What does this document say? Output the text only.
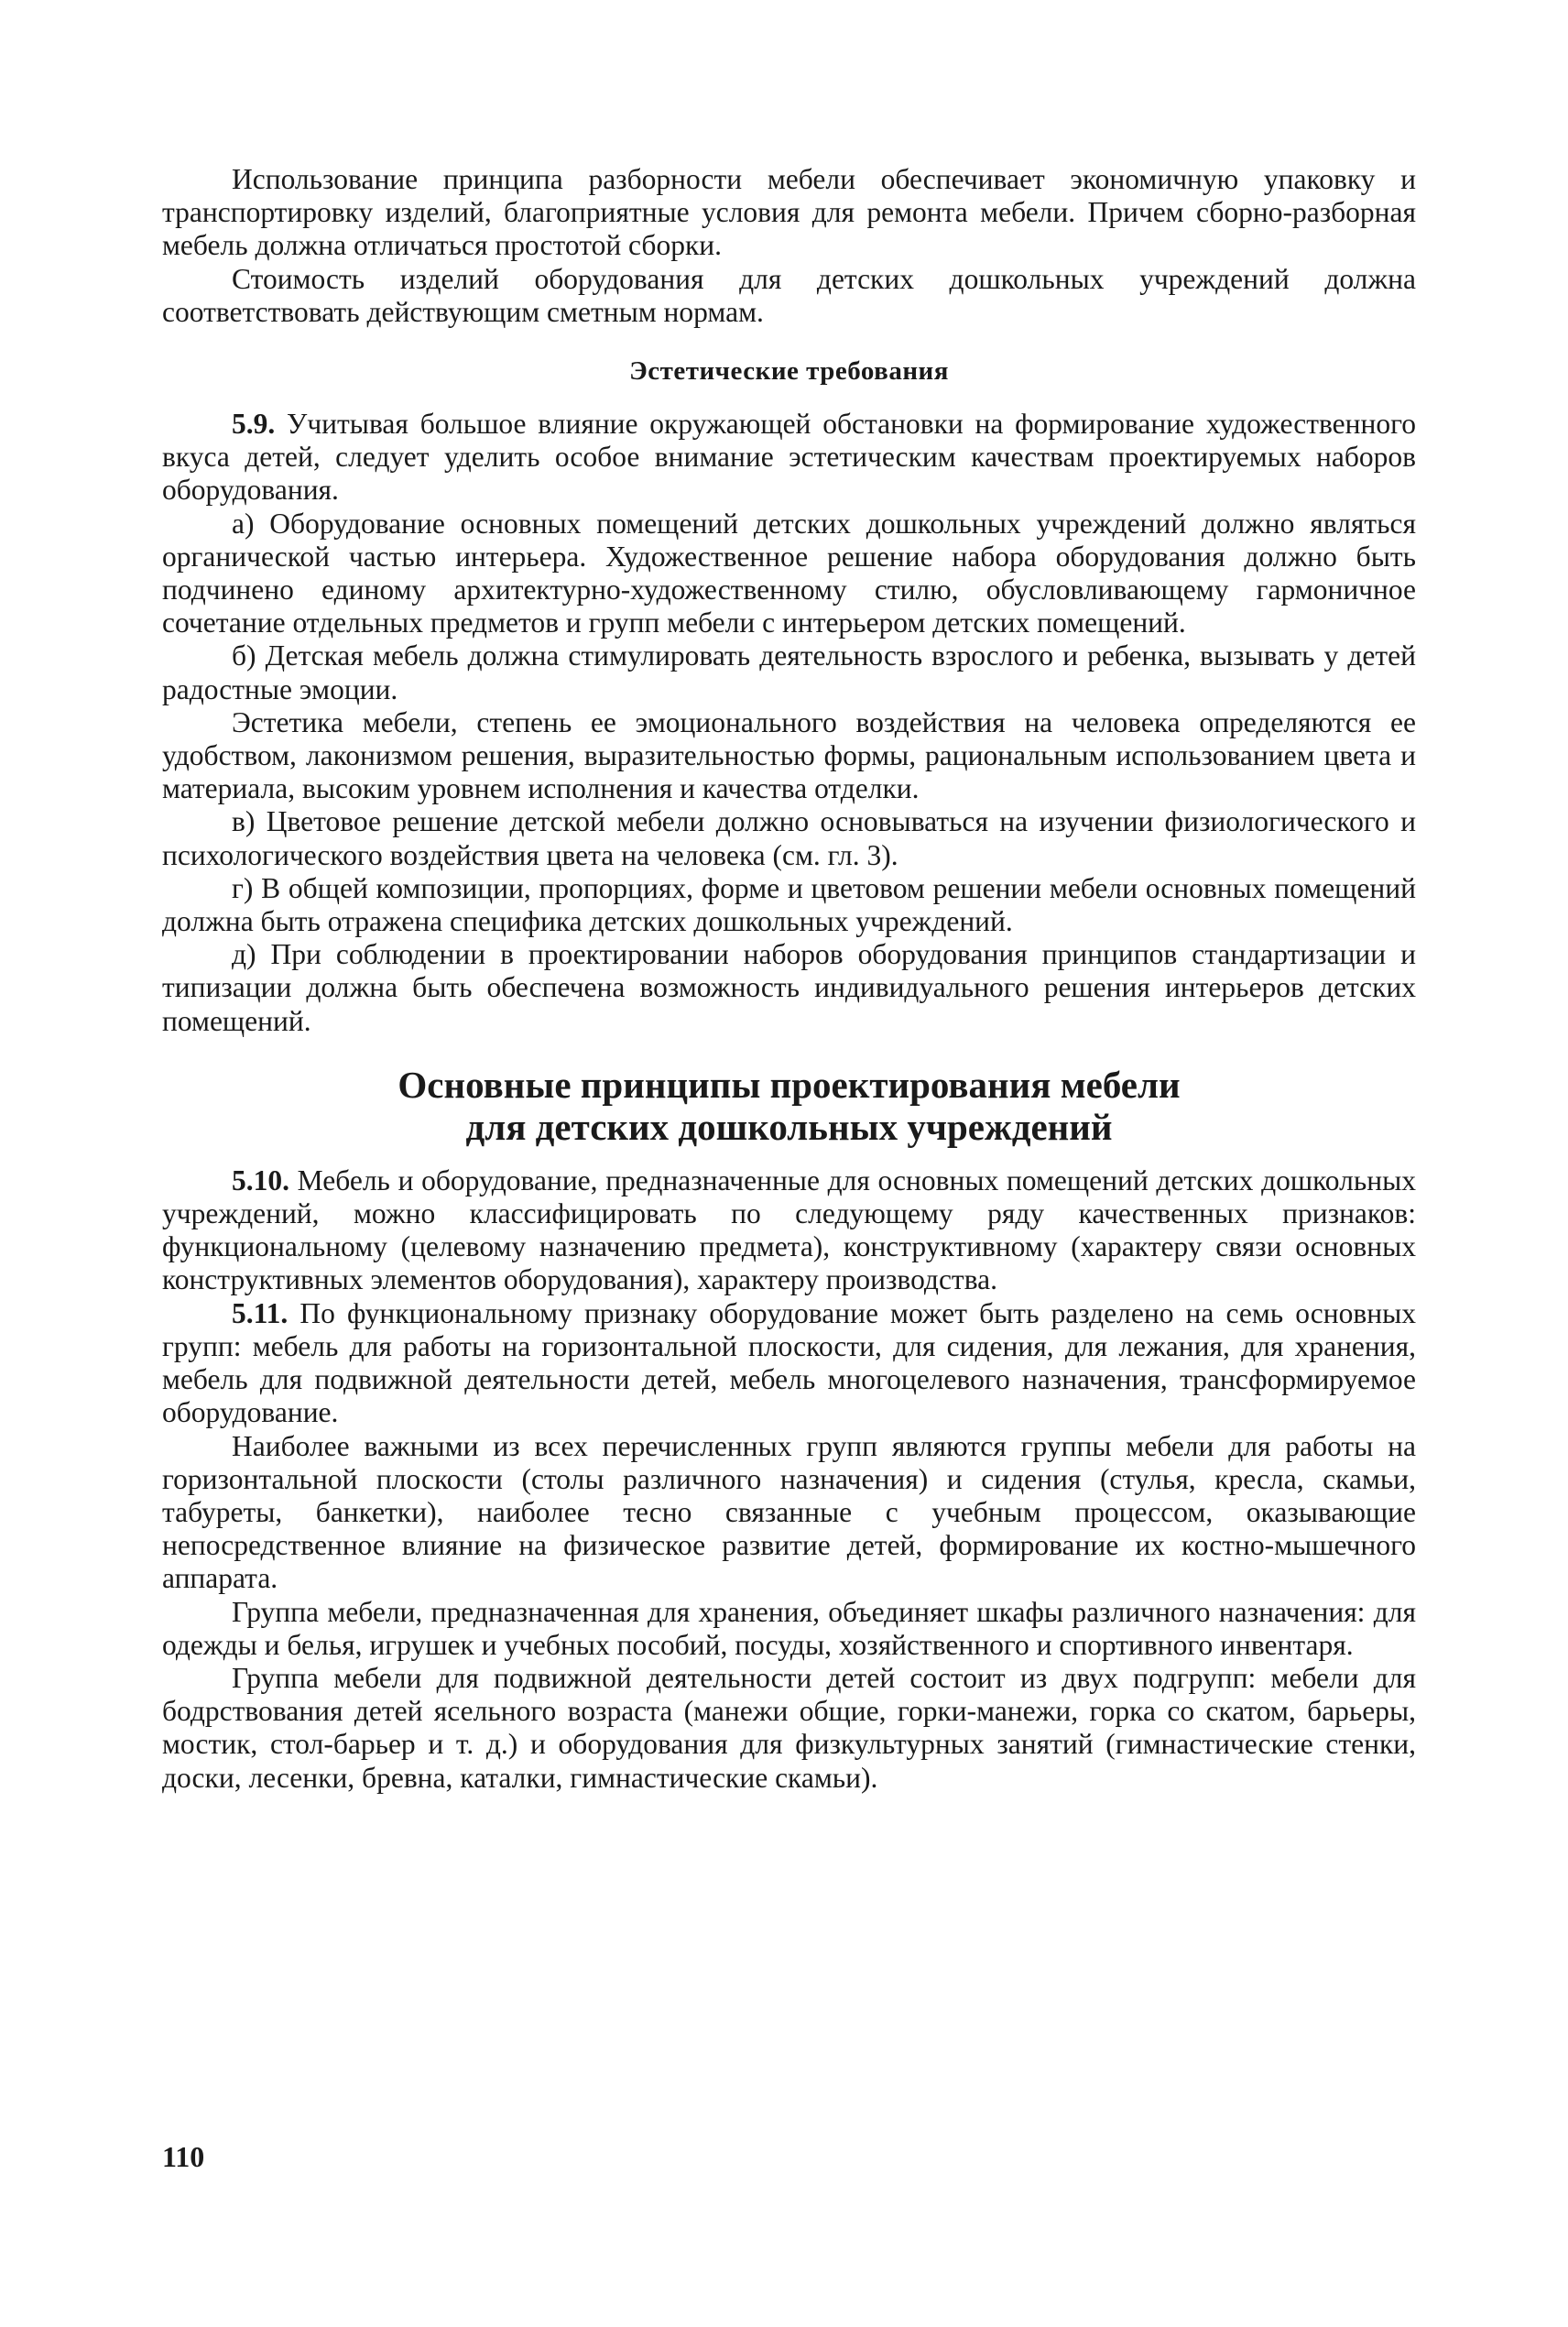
Использование принципа разборности мебели обеспечивает экономичную упаковку и транспортировку изделий, благоприятные условия для ремонта мебели. Причем сборно-разборная мебель должна отличаться простотой сборки.

Стоимость изделий оборудования для детских дошкольных учреждений должна соответствовать действующим сметным нормам.

Эстетические требования

5.9. Учитывая большое влияние окружающей обстановки на формирование художественного вкуса детей, следует уделить особое внимание эстетическим качествам проектируемых наборов оборудования.

а) Оборудование основных помещений детских дошкольных учреждений должно являться органической частью интерьера. Художественное решение набора оборудования должно быть подчинено единому архитектурно-художественному стилю, обусловливающему гармоничное сочетание отдельных предметов и групп мебели с интерьером детских помещений.

б) Детская мебель должна стимулировать деятельность взрослого и ребенка, вызывать у детей радостные эмоции.

Эстетика мебели, степень ее эмоционального воздействия на человека определяются ее удобством, лаконизмом решения, выразительностью формы, рациональным использованием цвета и материала, высоким уровнем исполнения и качества отделки.

в) Цветовое решение детской мебели должно основываться на изучении физиологического и психологического воздействия цвета на человека (см. гл. 3).

г) В общей композиции, пропорциях, форме и цветовом решении мебели основных помещений должна быть отражена специфика детских дошкольных учреждений.

д) При соблюдении в проектировании наборов оборудования принципов стандартизации и типизации должна быть обеспечена возможность индивидуального решения интерьеров детских помещений.

Основные принципы проектирования мебели
для детских дошкольных учреждений

5.10. Мебель и оборудование, предназначенные для основных помещений детских дошкольных учреждений, можно классифицировать по следующему ряду качественных признаков: функциональному (целевому назначению предмета), конструктивному (характеру связи основных конструктивных элементов оборудования), характеру производства.

5.11. По функциональному признаку оборудование может быть разделено на семь основных групп: мебель для работы на горизонтальной плоскости, для сидения, для лежания, для хранения, мебель для подвижной деятельности детей, мебель многоцелевого назначения, трансформируемое оборудование.

Наиболее важными из всех перечисленных групп являются группы мебели для работы на горизонтальной плоскости (столы различного назначения) и сидения (стулья, кресла, скамьи, табуреты, банкетки), наиболее тесно связанные с учебным процессом, оказывающие непосредственное влияние на физическое развитие детей, формирование их костно-мышечного аппарата.

Группа мебели, предназначенная для хранения, объединяет шкафы различного назначения: для одежды и белья, игрушек и учебных пособий, посуды, хозяйственного и спортивного инвентаря.

Группа мебели для подвижной деятельности детей состоит из двух подгрупп: мебели для бодрствования детей ясельного возраста (манежи общие, горки-манежи, горка со скатом, барьеры, мостик, стол-барьер и т. д.) и оборудования для физкультурных занятий (гимнастические стенки, доски, лесенки, бревна, каталки, гимнастические скамьи).

110
